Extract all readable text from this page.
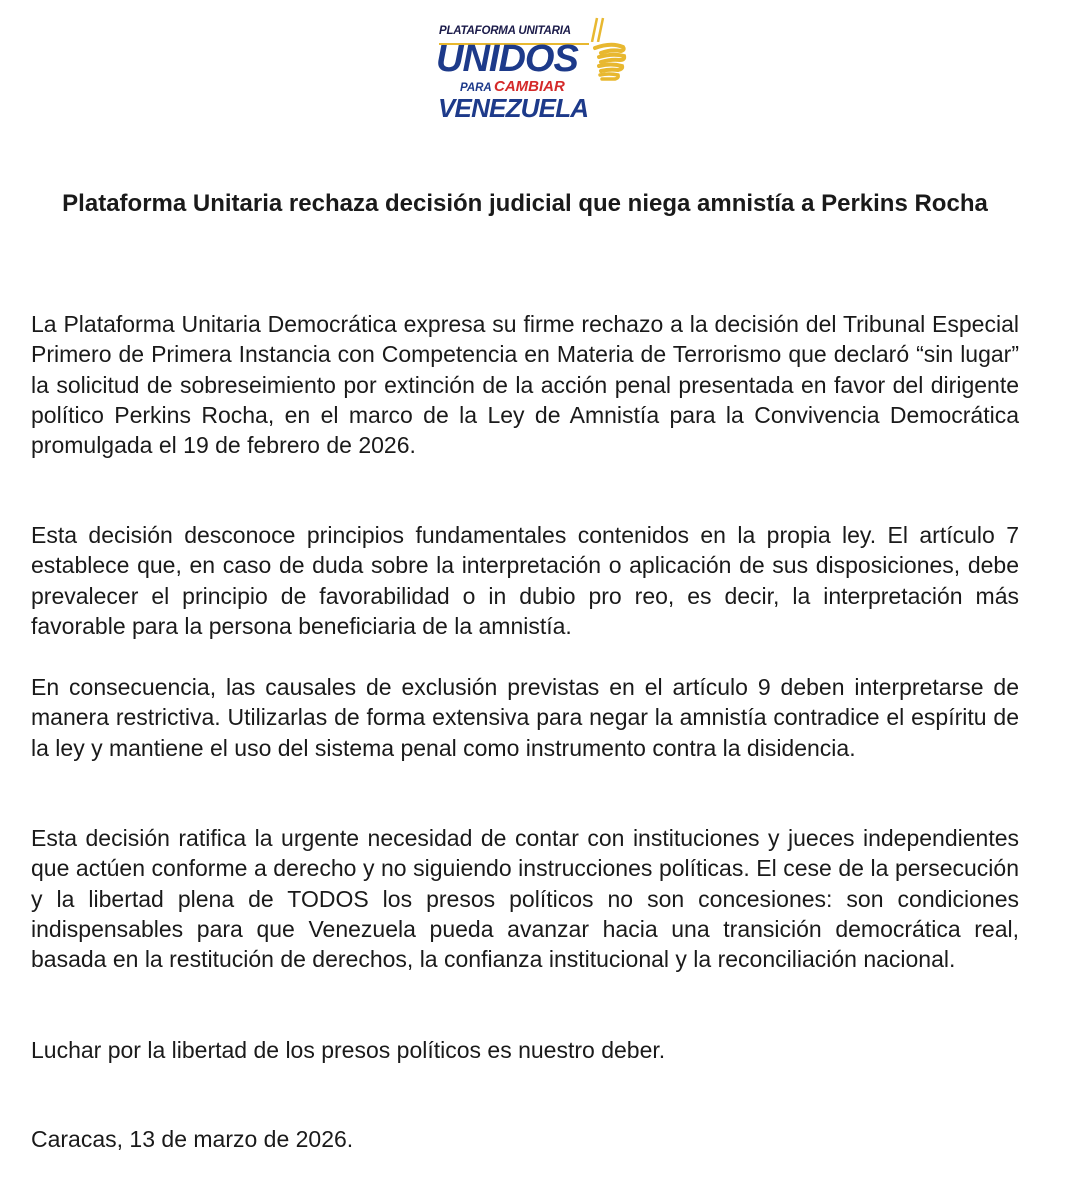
PLATAFORMA UNITARIA
UNIDOS
PARA CAMBIAR
VENEZUELA
Plataforma Unitaria rechaza decisión judicial que niega amnistía a Perkins Rocha

La Plataforma Unitaria Democrática expresa su firme rechazo a la decisión del Tribunal Especial Primero de Primera Instancia con Competencia en Materia de Terrorismo que declaró “sin lugar” la solicitud de sobreseimiento por extinción de la acción penal presentada en favor del dirigente político Perkins Rocha, en el marco de la Ley de Amnistía para la Convivencia Democrática promulgada el 19 de febrero de 2026.

Esta decisión desconoce principios fundamentales contenidos en la propia ley. El artículo 7 establece que, en caso de duda sobre la interpretación o aplicación de sus disposiciones, debe prevalecer el principio de favorabilidad o in dubio pro reo, es decir, la interpretación más favorable para la persona beneficiaria de la amnistía.

En consecuencia, las causales de exclusión previstas en el artículo 9 deben interpretarse de manera restrictiva. Utilizarlas de forma extensiva para negar la amnistía contradice el espíritu de la ley y mantiene el uso del sistema penal como instrumento contra la disidencia.

Esta decisión ratifica la urgente necesidad de contar con instituciones y jueces independientes que actúen conforme a derecho y no siguiendo instrucciones políticas. El cese de la persecución y la libertad plena de TODOS los presos políticos no son concesiones: son condiciones indispensables para que Venezuela pueda avanzar hacia una transición democrática real, basada en la restitución de derechos, la confianza institucional y la reconciliación nacional.

Luchar por la libertad de los presos políticos es nuestro deber.

Caracas, 13 de marzo de 2026.
